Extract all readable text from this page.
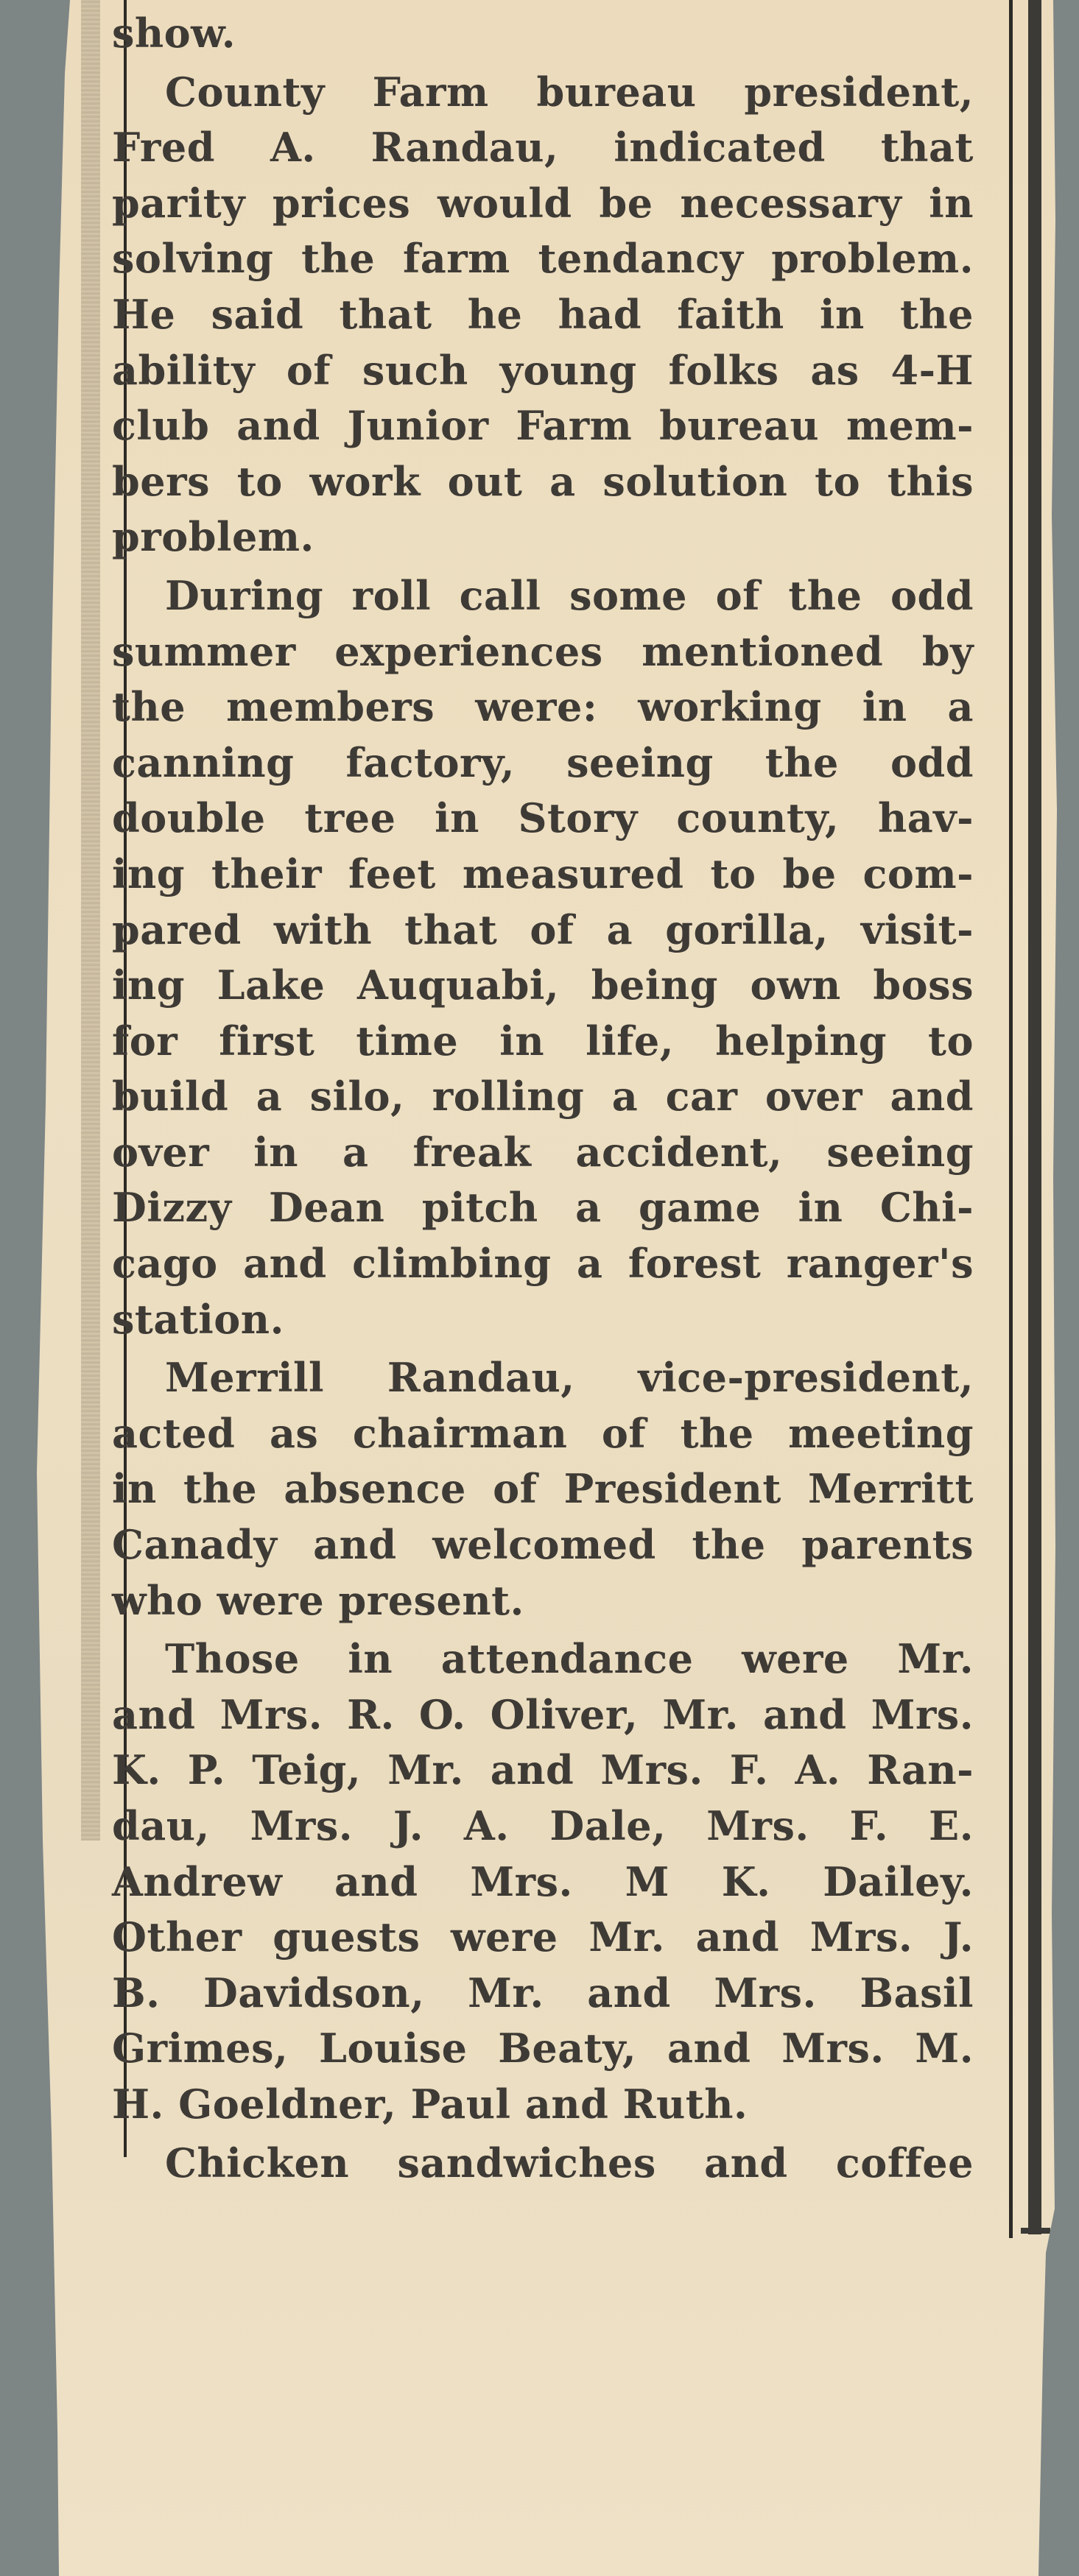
show.

County Farm bureau president,

Fred A. Randau, indicated that

parity prices would be necessary in

solving the farm tendancy problem.

He said that he had faith in the

ability of such young folks as 4-H

club and Junior Farm bureau mem-

bers to work out a solution to this

problem.

During roll call some of the odd

summer experiences mentioned by

the members were: working in a

canning factory, seeing the odd

double tree in Story county, hav-

ing their feet measured to be com-

pared with that of a gorilla, visit-

ing Lake Auquabi, being own boss

for first time in life, helping to

build a silo, rolling a car over and

over in a freak accident, seeing

Dizzy Dean pitch a game in Chi-

cago and climbing a forest ranger's

station.

Merrill Randau, vice-president,

acted as chairman of the meeting

in the absence of President Merritt

Canady and welcomed the parents

who were present.

Those in attendance were Mr.

and Mrs. R. O. Oliver, Mr. and Mrs.

K. P. Teig, Mr. and Mrs. F. A. Ran-

dau, Mrs. J. A. Dale, Mrs. F. E.

Andrew and Mrs. M K. Dailey.

Other guests were Mr. and Mrs. J.

B. Davidson, Mr. and Mrs. Basil

Grimes, Louise Beaty, and Mrs. M.

H. Goeldner, Paul and Ruth.

Chicken sandwiches and coffee
